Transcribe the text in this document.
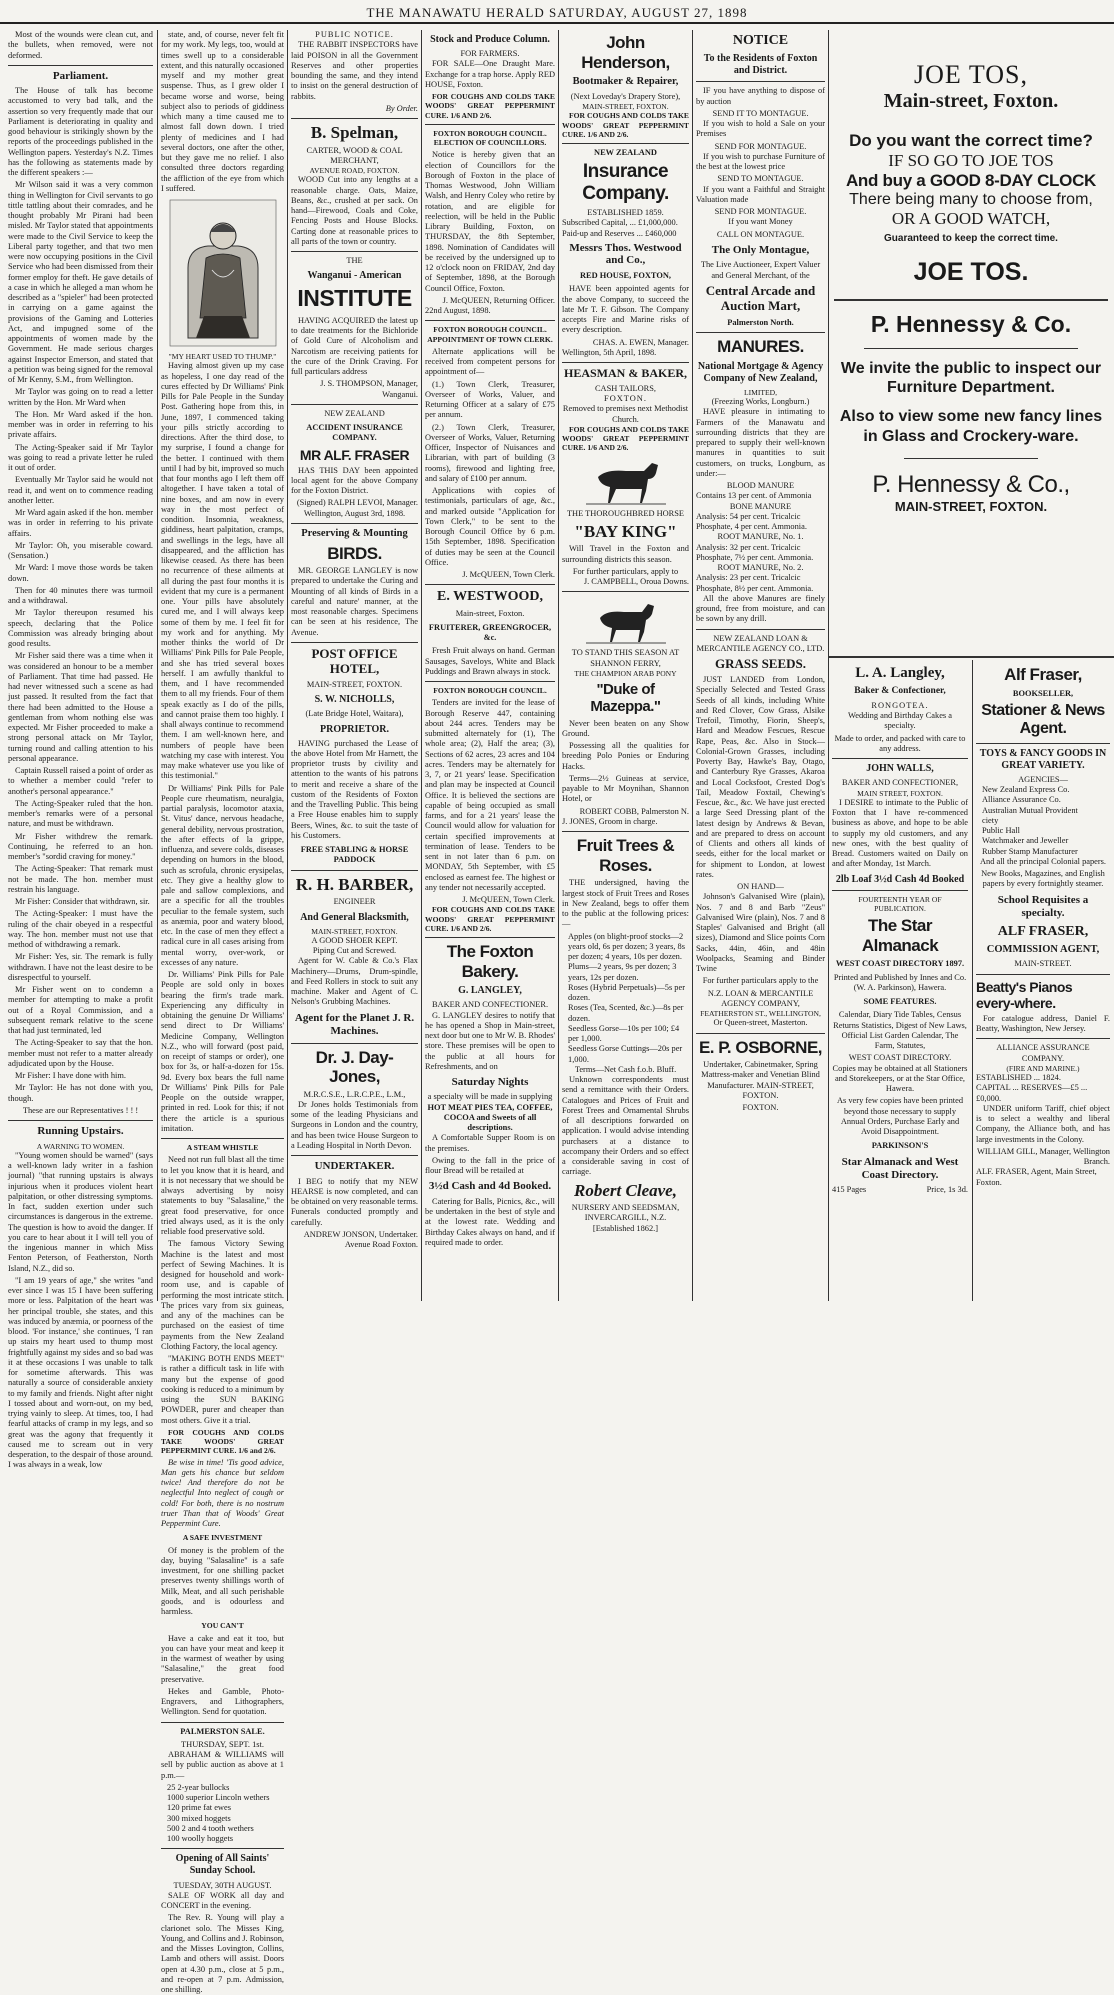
THE MANAWATU HERALD SATURDAY, AUGUST 27, 1898

Most of the wounds were clean cut, and the bullets, when removed, were not deformed.

Parliament.

The House of talk has become accustomed to very bad talk, and the assertion so very frequently made that our Parliament is deteriorating in quality and good behaviour is strikingly shown by the reports of the proceedings published in the Wellington papers. Yesterday's N.Z. Times has the following as statements made by the different speakers :—

Mr Wilson said it was a very common thing in Wellington for Civil servants to go tittle tattling about their comrades, and he thought probably Mr Pirani had been misled. Mr Taylor stated that appointments were made to the Civil Service to keep the Liberal party together, and that two men were now occupying positions in the Civil Service who had been dismissed from their former employ for theft. He gave details of a case in which he alleged a man whom he described as a "spieler" had been protected in carrying on a game against the provisions of the Gaming and Lotteries Act, and impugned some of the appointments of women made by the Government. He made serious charges against Inspector Emerson, and stated that a petition was being signed for the removal of Mr Kenny, S.M., from Wellington.

Mr Taylor was going on to read a letter written by the Hon. Mr Ward when

The Hon. Mr Ward asked if the hon. member was in order in referring to his private affairs.

The Acting-Speaker said if Mr Taylor was going to read a private letter he ruled it out of order.

Eventually Mr Taylor said he would not read it, and went on to commence reading another letter.

Mr Ward again asked if the hon. member was in order in referring to his private affairs.

Mr Taylor: Oh, you miserable coward. (Sensation.)

Mr Ward: I move those words be taken down.

Then for 40 minutes there was turmoil and a withdrawal.

Mr Taylor thereupon resumed his speech, declaring that the Police Commission was already bringing about good results.

Mr Fisher said there was a time when it was considered an honour to be a member of Parliament. That time had passed. He had never witnessed such a scene as had just passed. It resulted from the fact that there had been admitted to the House a gentleman from whom nothing else was expected. Mr Fisher proceeded to make a strong personal attack on Mr Taylor, turning round and calling attention to his personal appearance.

Captain Russell raised a point of order as to whether a member could "refer to another's personal appearance."

The Acting-Speaker ruled that the hon. member's remarks were of a personal nature, and must be withdrawn.

Mr Fisher withdrew the remark. Continuing, he referred to an hon. member's "sordid craving for money."

The Acting-Speaker: That remark must not be made. The hon. member must restrain his language.

Mr Fisher: Consider that withdrawn, sir.

The Acting-Speaker: I must have the ruling of the chair obeyed in a respectful way. The hon. member must not use that method of withdrawing a remark.

Mr Fisher: Yes, sir. The remark is fully withdrawn. I have not the least desire to be disrespectful to yourself.

Mr Fisher went on to condemn a member for attempting to make a profit out of a Royal Commission, and a subsequent remark relative to the scene that had just terminated, led

The Acting-Speaker to say that the hon. member must not refer to a matter already adjudicated upon by the House.

Mr Fisher: I have done with him.

Mr Taylor: He has not done with you, though.

These are our Representatives ! ! !

Running Upstairs.
A WARNING TO WOMEN.

"Young women should be warned" (says a well-known lady writer in a fashion journal) "that running upstairs is always injurious when it produces violent heart palpitation, or other distressing symptoms. In fact, sudden exertion under such circumstances is dangerous in the extreme. The question is how to avoid the danger. If you care to hear about it I will tell you of the ingenious manner in which Miss Fenton Peterson, of Featherston, North Island, N.Z., did so.

"I am 19 years of age," she writes "and ever since I was 15 I have been suffering more or less. Palpitation of the heart was her principal trouble, she states, and this was induced by anæmia, or poorness of the blood. 'For instance,' she continues, 'I ran up stairs my heart used to thump most frightfully against my sides and so bad was it at these occasions I was unable to talk for sometime afterwards. This was naturally a source of considerable anxiety to my family and friends. Night after night I tossed about and worn-out, on my bed, trying vainly to sleep. At times, too, I had fearful attacks of cramp in my legs, and so great was the agony that frequently it caused me to scream out in very desperation, to the despair of those around. I was always in a weak, low

state, and, of course, never felt fit for my work. My legs, too, would at times swell up to a considerable extent, and this naturally occasioned myself and my mother great suspense. Thus, as I grew older I became worse and worse, being subject also to periods of giddiness which many a time caused me to almost fall down down. I tried plenty of medicines and I had several doctors, one after the other, but they gave me no relief. I also consulted three doctors regarding the affliction of the eye from which I suffered.

"MY HEART USED TO THUMP."

Having almost given up my case as hopeless, I one day read of the cures effected by Dr Williams' Pink Pills for Pale People in the Sunday Post. Gathering hope from this, in June, 1897, I commenced taking your pills strictly according to directions. After the third dose, to my surprise, I found a change for the better. I continued with them until I had by bit, improved so much that four months ago I left them off altogether. I have taken a total of nine boxes, and am now in every way in the most perfect of condition. Insomnia, weakness, giddiness, heart palpitation, cramps, and swellings in the legs, have all disappeared, and the affliction has likewise ceased. As there has been no recurrence of these ailments at all during the past four months it is evident that my cure is a permanent one. Your pills have absolutely cured me, and I will always keep some of them by me. I feel fit for my work and for anything. My mother thinks the world of Dr Williams' Pink Pills for Pale People, and she has tried several boxes herself. I am awfully thankful to them, and I have recommended them to all my friends. Four of them speak exactly as I do of the pills, and cannot praise them too highly. I shall always continue to recommend them. I am well-known here, and numbers of people have been watching my case with interest. You may make whatever use you like of this testimonial."

Dr Williams' Pink Pills for Pale People cure rheumatism, neuralgia, partial paralysis, locomotor ataxia, St. Vitus' dance, nervous headache, general debility, nervous prostration, the after effects of la grippe, influenza, and severe colds, diseases depending on humors in the blood, such as scrofula, chronic erysipelas, etc. They give a healthy glow to pale and sallow complexions, and are a specific for all the troubles peculiar to the female system, such as anæmia, poor and watery blood, etc. In the case of men they effect a radical cure in all cases arising from mental worry, over-work, or excesses of any nature.

Dr. Williams' Pink Pills for Pale People are sold only in boxes bearing the firm's trade mark. Experiencing any difficulty in obtaining the genuine Dr Williams' send direct to Dr Williams' Medicine Company, Wellington N.Z., who will forward (post paid, on receipt of stamps or order), one box for 3s, or half-a-dozen for 15s. 9d. Every box bears the full name Dr Williams' Pink Pills for Pale People on the outside wrapper, printed in red. Look for this; if not there the article is a spurious imitation.

A STEAM WHISTLE

Need not run full blast all the time to let you know that it is heard, and it is not necessary that we should be always advertising by noisy statements to buy "Salasaline," the great food preservative, for once tried always used, as it is the only reliable food preservative sold.

The famous Victory Sewing Machine is the latest and most perfect of Sewing Machines. It is designed for household and work-room use, and is capable of performing the most intricate stitch. The prices vary from six guineas, and any of the machines can be purchased on the easiest of time payments from the New Zealand Clothing Factory, the local agency.

"MAKING BOTH ENDS MEET" is rather a difficult task in life with many but the expense of good cooking is reduced to a minimum by using the SUN BAKING POWDER, purer and cheaper than most others. Give it a trial.

FOR COUGHS AND COLDS TAKE WOODS' GREAT PEPPERMINT CURE. 1/6 and 2/6.

Be wise in time! 'Tis good advice, Man gets his chance but seldom twice! And therefore do not be neglectful Into neglect of cough or cold! For both, there is no nostrum truer Than that of Woods' Great Peppermint Cure.

A SAFE INVESTMENT

Of money is the problem of the day, buying "Salasaline" is a safe investment, for one shilling packet preserves twenty shillings worth of Milk, Meat, and all such perishable goods, and is odourless and harmless.

YOU CAN'T

Have a cake and eat it too, but you can have your meat and keep it in the warmest of weather by using "Salasaline," the great food preservative.

Hekes and Gamble, Photo-Engravers, and Lithographers, Wellington. Send for quotation.

PALMERSTON SALE.
THURSDAY, SEPT. 1st.

ABRAHAM & WILLIAMS will sell by public auction as above at 1 p.m.—

25 2-year bullocks
1000 superior Lincoln wethers
120 prime fat ewes
300 mixed hoggets
500 2 and 4 tooth wethers
100 woolly hoggets
Opening of All Saints' Sunday School.
TUESDAY, 30TH AUGUST.

SALE OF WORK all day and CONCERT in the evening.

The Rev. R. Young will play a clarionet solo. The Misses King, Young, and Collins and J. Robinson, and the Misses Lovington, Collins, Lamb and others will assist. Doors open at 4.30 p.m., close at 5 p.m., and re-open at 7 p.m. Admission, one shilling.

PUBLIC NOTICE.

THE RABBIT INSPECTORS have laid POISON in all the Government Reserves and other properties bounding the same, and they intend to insist on the general destruction of rabbits.

By Order.
B. Spelman,
CARTER, WOOD & COAL MERCHANT,
AVENUE ROAD, FOXTON.

WOOD Cut into any lengths at a reasonable charge. Oats, Maize, Beans, &c., crushed at per sack. On hand—Firewood, Coals and Coke, Fencing Posts and House Blocks. Carting done at reasonable prices to all parts of the town or country.

THE
Wanganui - American
INSTITUTE

HAVING ACQUIRED the latest up to date treatments for the Bichloride of Gold Cure of Alcoholism and Narcotism are receiving patients for the cure of the Drink Craving. For full particulars address

J. S. THOMPSON, Manager, Wanganui.
NEW ZEALAND
ACCIDENT INSURANCE COMPANY.
MR ALF. FRASER

HAS THIS DAY been appointed local agent for the above Company for the Foxton District.

(Signed) RALPH LEVOI, Manager.
Wellington, August 3rd, 1898.
Preserving & Mounting
BIRDS.

MR. GEORGE LANGLEY is now prepared to undertake the Curing and Mounting of all kinds of Birds in a careful and nature' manner, at the most reasonable charges. Specimens can be seen at his residence, The Avenue.

POST OFFICE HOTEL,
MAIN-STREET, FOXTON.
S. W. NICHOLLS,
(Late Bridge Hotel, Waitara),
PROPRIETOR.

HAVING purchased the Lease of the above Hotel from Mr Harnett, the proprietor trusts by civility and attention to the wants of his patrons to merit and receive a share of the custom of the Residents of Foxton and the Travelling Public. This being a Free House enables him to supply Beers, Wines, &c. to suit the taste of his Customers.

FREE STABLING & HORSE PADDOCK
R. H. BARBER,
ENGINEER
And General Blacksmith,
MAIN-STREET, FOXTON.
A GOOD SHOER KEPT.
Piping Cut and Screwed.

Agent for W. Cable & Co.'s Flax Machinery—Drums, Drum-spindle, and Feed Rollers in stock to suit any machine. Maker and Agent of C. Nelson's Grubbing Machines.

Agent for the Planet J. R. Machines.
Dr. J. Day-Jones,
M.R.C.S.E., L.R.C.P.E., L.M.,

Dr Jones holds Testimonials from some of the leading Physicians and Surgeons in London and the country, and has been twice House Surgeon to a Leading Hospital in North Devon.

UNDERTAKER.

I BEG to notify that my NEW HEARSE is now completed, and can be obtained on very reasonable terms. Funerals conducted promptly and carefully.

ANDREW JONSON, Undertaker. Avenue Road Foxton.
Stock and Produce Column.
FOR FARMERS.

FOR SALE—One Draught Mare. Exchange for a trap horse. Apply RED HOUSE, Foxton.

FOR COUGHS AND COLDS TAKE WOODS' GREAT PEPPERMINT CURE. 1/6 AND 2/6.

FOXTON BOROUGH COUNCIL. ELECTION OF COUNCILLORS.

Notice is hereby given that an election of Councillors for the Borough of Foxton in the place of Thomas Westwood, John William Walsh, and Henry Coley who retire by rotation, and are eligible for reelection, will be held in the Public Library Building, Foxton, on THURSDAY, the 8th September, 1898. Nomination of Candidates will be received by the undersigned up to 12 o'clock noon on FRIDAY, 2nd day of September, 1898, at the Borough Council Office, Foxton.

J. McQUEEN, Returning Officer.
22nd August, 1898.
FOXTON BOROUGH COUNCIL. APPOINTMENT OF TOWN CLERK.

Alternate applications will be received from competent persons for appointment of—

(1.) Town Clerk, Treasurer, Overseer of Works, Valuer, and Returning Officer at a salary of £75 per annum.

(2.) Town Clerk, Treasurer, Overseer of Works, Valuer, Returning Officer, Inspector of Nuisances and Librarian, with part of building (3 rooms), firewood and lighting free, and salary of £100 per annum.

Applications with copies of testimonials, particulars of age, &c., and marked outside "Application for Town Clerk," to be sent to the Borough Council Office by 6 p.m. 15th September, 1898. Specification of duties may be seen at the Council Office.

J. McQUEEN, Town Clerk.
E. WESTWOOD,
Main-street, Foxton.
FRUITERER, GREENGROCER, &c.

Fresh Fruit always on hand. German Sausages, Saveloys, White and Black Puddings and Brawn always in stock.

FOXTON BOROUGH COUNCIL.

Tenders are invited for the lease of Borough Reserve 447, containing about 244 acres. Tenders may be submitted alternately for (1), The whole area; (2), Half the area; (3), Sections of 62 acres, 23 acres and 104 acres. Tenders may be alternately for 3, 7, or 21 years' lease. Specification and plan may be inspected at Council Office. It is believed the sections are capable of being occupied as small farms, and for a 21 years' lease the Council would allow for valuation for certain specified improvements at termination of lease. Tenders to be sent in not later than 6 p.m. on MONDAY, 5th September, with £5 enclosed as earnest fee. The highest or any tender not necessarily accepted.

J. McQUEEN, Town Clerk.

FOR COUGHS AND COLDS TAKE WOODS' GREAT PEPPERMINT CURE. 1/6 AND 2/6.

The Foxton Bakery.
G. LANGLEY,
BAKER AND CONFECTIONER.

G. LANGLEY desires to notify that he has opened a Shop in Main-street, next door but one to Mr W. B. Rhodes' store. These premises will be open to the public at all hours for Refreshments, and on

Saturday Nights
a specialty will be made in supplying
HOT MEAT PIES TEA, COFFEE, COCOA and Sweets of all descriptions.

A Comfortable Supper Room is on the premises.

Owing to the fall in the price of flour Bread will be retailed at

3½d Cash and 4d Booked.

Catering for Balls, Picnics, &c., will be undertaken in the best of style and at the lowest rate. Wedding and Birthday Cakes always on hand, and if required made to order.

John Henderson,
Bootmaker & Repairer,
(Next Loveday's Drapery Store),
MAIN-STREET, FOXTON.

FOR COUGHS AND COLDS TAKE WOODS' GREAT PEPPERMINT CURE. 1/6 AND 2/6.

NEW ZEALAND
Insurance Company.
ESTABLISHED 1859.
Subscribed Capital, ... £1,000,000.
Paid-up and Reserves ... £460,000
Messrs Thos. Westwood and Co.,
RED HOUSE, FOXTON,

HAVE been appointed agents for the above Company, to succeed the late Mr T. F. Gibson. The Company accepts Fire and Marine risks of every description.

CHAS. A. EWEN, Manager.
Wellington, 5th April, 1898.
HEASMAN & BAKER,
CASH TAILORS,
FOXTON.
Removed to premises next Methodist Church.

FOR COUGHS AND COLDS TAKE WOODS' GREAT PEPPERMINT CURE. 1/6 AND 2/6.

THE THOROUGHBRED HORSE
"BAY KING"

Will Travel in the Foxton and surrounding districts this season.

For further particulars, apply to
J. CAMPBELL, Oroua Downs.
TO STAND THIS SEASON AT SHANNON FERRY,
THE CHAMPION ARAB PONY
"Duke of Mazeppa."

Never been beaten on any Show Ground.

Possessing all the qualities for breeding Polo Ponies or Enduring Hacks.

Terms—2½ Guineas at service, payable to Mr Moynihan, Shannon Hotel, or

ROBERT COBB, Palmerston N.
J. JONES, Groom in charge.
Fruit Trees & Roses.

THE undersigned, having the largest stock of Fruit Trees and Roses in New Zealand, begs to offer them to the public at the following prices:—

Apples (on blight-proof stocks—2 years old, 6s per dozen; 3 years, 8s per dozen; 4 years, 10s per dozen.
Plums—2 years, 9s per dozen; 3 years, 12s per dozen.
Roses (Hybrid Perpetuals)—5s per dozen.
Roses (Tea, Scented, &c.)—8s per dozen.
Seedless Gorse—10s per 100; £4 per 1,000.
Seedless Gorse Cuttings—20s per 1,000.
Terms—Net Cash f.o.b. Bluff.

Unknown correspondents must send a remittance with their Orders. Catalogues and Prices of Fruit and Forest Trees and Ornamental Shrubs of all descriptions forwarded on application. I would advise intending purchasers at a distance to accompany their Orders and so effect a considerable saving in cost of carriage.

Robert Cleave,
NURSERY AND SEEDSMAN,
INVERCARGILL, N.Z.
[Established 1862.]
NOTICE
To the Residents of Foxton and District.

IF you have anything to dispose of by auction

SEND IT TO MONTAGUE.

If you wish to hold a Sale on your Premises

SEND FOR MONTAGUE.

If you wish to purchase Furniture of the best at the lowest price

SEND TO MONTAGUE.

If you want a Faithful and Straight Valuation made

SEND FOR MONTAGUE.

If you want Money

CALL ON MONTAGUE.
The Only Montague,

The Live Auctioneer, Expert Valuer and General Merchant, of the

Central Arcade and Auction Mart,
Palmerston North.
MANURES.
National Mortgage & Agency Company of New Zealand,
LIMITED,
(Freezing Works, Longburn.)

HAVE pleasure in intimating to Farmers of the Manawatu and surrounding districts that they are prepared to supply their well-known manures in quantities to suit customers, on trucks, Longburn, as under:—

BLOOD MANURE
Contains 13 per cent. of Ammonia
BONE MANURE
Analysis: 54 per cent. Tricalcic Phosphate, 4 per cent. Ammonia.
ROOT MANURE, No. 1.
Analysis: 32 per cent. Tricalcic Phosphate, 7½ per cent. Ammonia.
ROOT MANURE, No. 2.
Analysis: 23 per cent. Tricalcic Phosphate, 8½ per cent. Ammonia.

All the above Manures are finely ground, free from moisture, and can be sown by any drill.

NEW ZEALAND LOAN & MERCANTILE AGENCY CO., LTD.
GRASS SEEDS.

JUST LANDED from London, Specially Selected and Tested Grass Seeds of all kinds, including White and Red Clover, Cow Grass, Alsike Trefoil, Timothy, Fiorin, Sheep's, Hard and Meadow Fescues, Rescue Rape, Peas, &c. Also in Stock—Colonial-Grown Grasses, including Poverty Bay, Hawke's Bay, Otago, and Canterbury Rye Grasses, Akaroa and Local Cocksfoot, Crested Dog's Tail, Meadow Foxtail, Chewing's Fescue, &c., &c. We have just erected a large Seed Dressing plant of the latest design by Andrews & Bevan, and are prepared to dress on account of Clients and others all kinds of seeds, either for the local market or for shipment to London, at lowest rates.

ON HAND—

Johnson's Galvanised Wire (plain), Nos. 7 and 8 and Barb "Zeus" Galvanised Wire (plain), Nos. 7 and 8 Staples' Galvanised and Bright (all sizes), Diamond and Slice points Corn Sacks, 44in, 46in, and 48in Woolpacks, Seaming and Binder Twine

For further particulars apply to the

N.Z. LOAN & MERCANTILE AGENCY COMPANY,
FEATHERSTON ST., WELLINGTON,
Or Queen-street, Masterton.
E. P. OSBORNE,
Undertaker, Cabinetmaker, Spring

Mattress-maker and Venetian Blind Manufacturer. MAIN-STREET, FOXTON.

FOXTON.
JOE TOS,
Main-street, Foxton.
Do you want the correct time?
IF SO GO TO JOE TOS
And buy a GOOD 8-DAY CLOCK
There being many to choose from,
OR A GOOD WATCH,
Guaranteed to keep the correct time.
JOE TOS.
P. Hennessy & Co.
We invite the public to inspect our Furniture Department.
Also to view some new fancy lines in Glass and Crockery-ware.
P. Hennessy & Co.,
MAIN-STREET, FOXTON.
L. A. Langley,
Baker & Confectioner,
RONGOTEA.

Wedding and Birthday Cakes a specialty.

Made to order, and packed with care to any address.

JOHN WALLS,
BAKER AND CONFECTIONER,
MAIN STREET, FOXTON.

I DESIRE to intimate to the Public of Foxton that I have re-commenced business as above, and hope to be able to supply my old customers, and any new ones, with the best quality of Bread. Customers waited on Daily on and after Monday, 1st March.

2lb Loaf 3½d Cash 4d Booked
FOURTEENTH YEAR OF PUBLICATION.
The Star Almanack
WEST COAST DIRECTORY 1897.
Printed and Published by Innes and Co. (W. A. Parkinson), Hawera.
SOME FEATURES.

Calendar, Diary Tide Tables, Census Returns Statistics, Digest of New Laws, Official List Garden Calendar, The Farm, Statutes,

WEST COAST DIRECTORY.

Copies may be obtained at all Stationers and Storekeepers, or at the Star Office, Hawera.

As very few copies have been printed beyond those necessary to supply Annual Orders, Purchase Early and Avoid Disappointment.

PARKINSON'S
Star Almanack and West Coast Directory.
415 Pages	Price, 1s 3d.
Alf Fraser,
BOOKSELLER,
Stationer & News Agent.
TOYS & FANCY GOODS IN GREAT VARIETY.
AGENCIES—
New Zealand Express Co.
Alliance Assurance Co.
Australian Mutual Provident
ciety
Public Hall
Watchmaker and Jeweller
Rubber Stamp Manufacturer

And all the principal Colonial papers.

New Books, Magazines, and English papers by every fortnightly steamer.

School Requisites a specialty.
ALF FRASER,
COMMISSION AGENT,
MAIN-STREET.
Beatty's Pianos every-where.

For catalogue address, Daniel F. Beatty, Washington, New Jersey.

ALLIANCE ASSURANCE COMPANY.
(FIRE AND MARINE.)
ESTABLISHED ... 1824.
CAPITAL ... RESERVES—£5 ... £0,000.

UNDER uniform Tariff, chief object is to select a wealthy and liberal Company, the Alliance both, and has large investments in the Colony.

WILLIAM GILL, Manager, Wellington Branch.
ALF. FRASER, Agent, Main Street, Foxton.
